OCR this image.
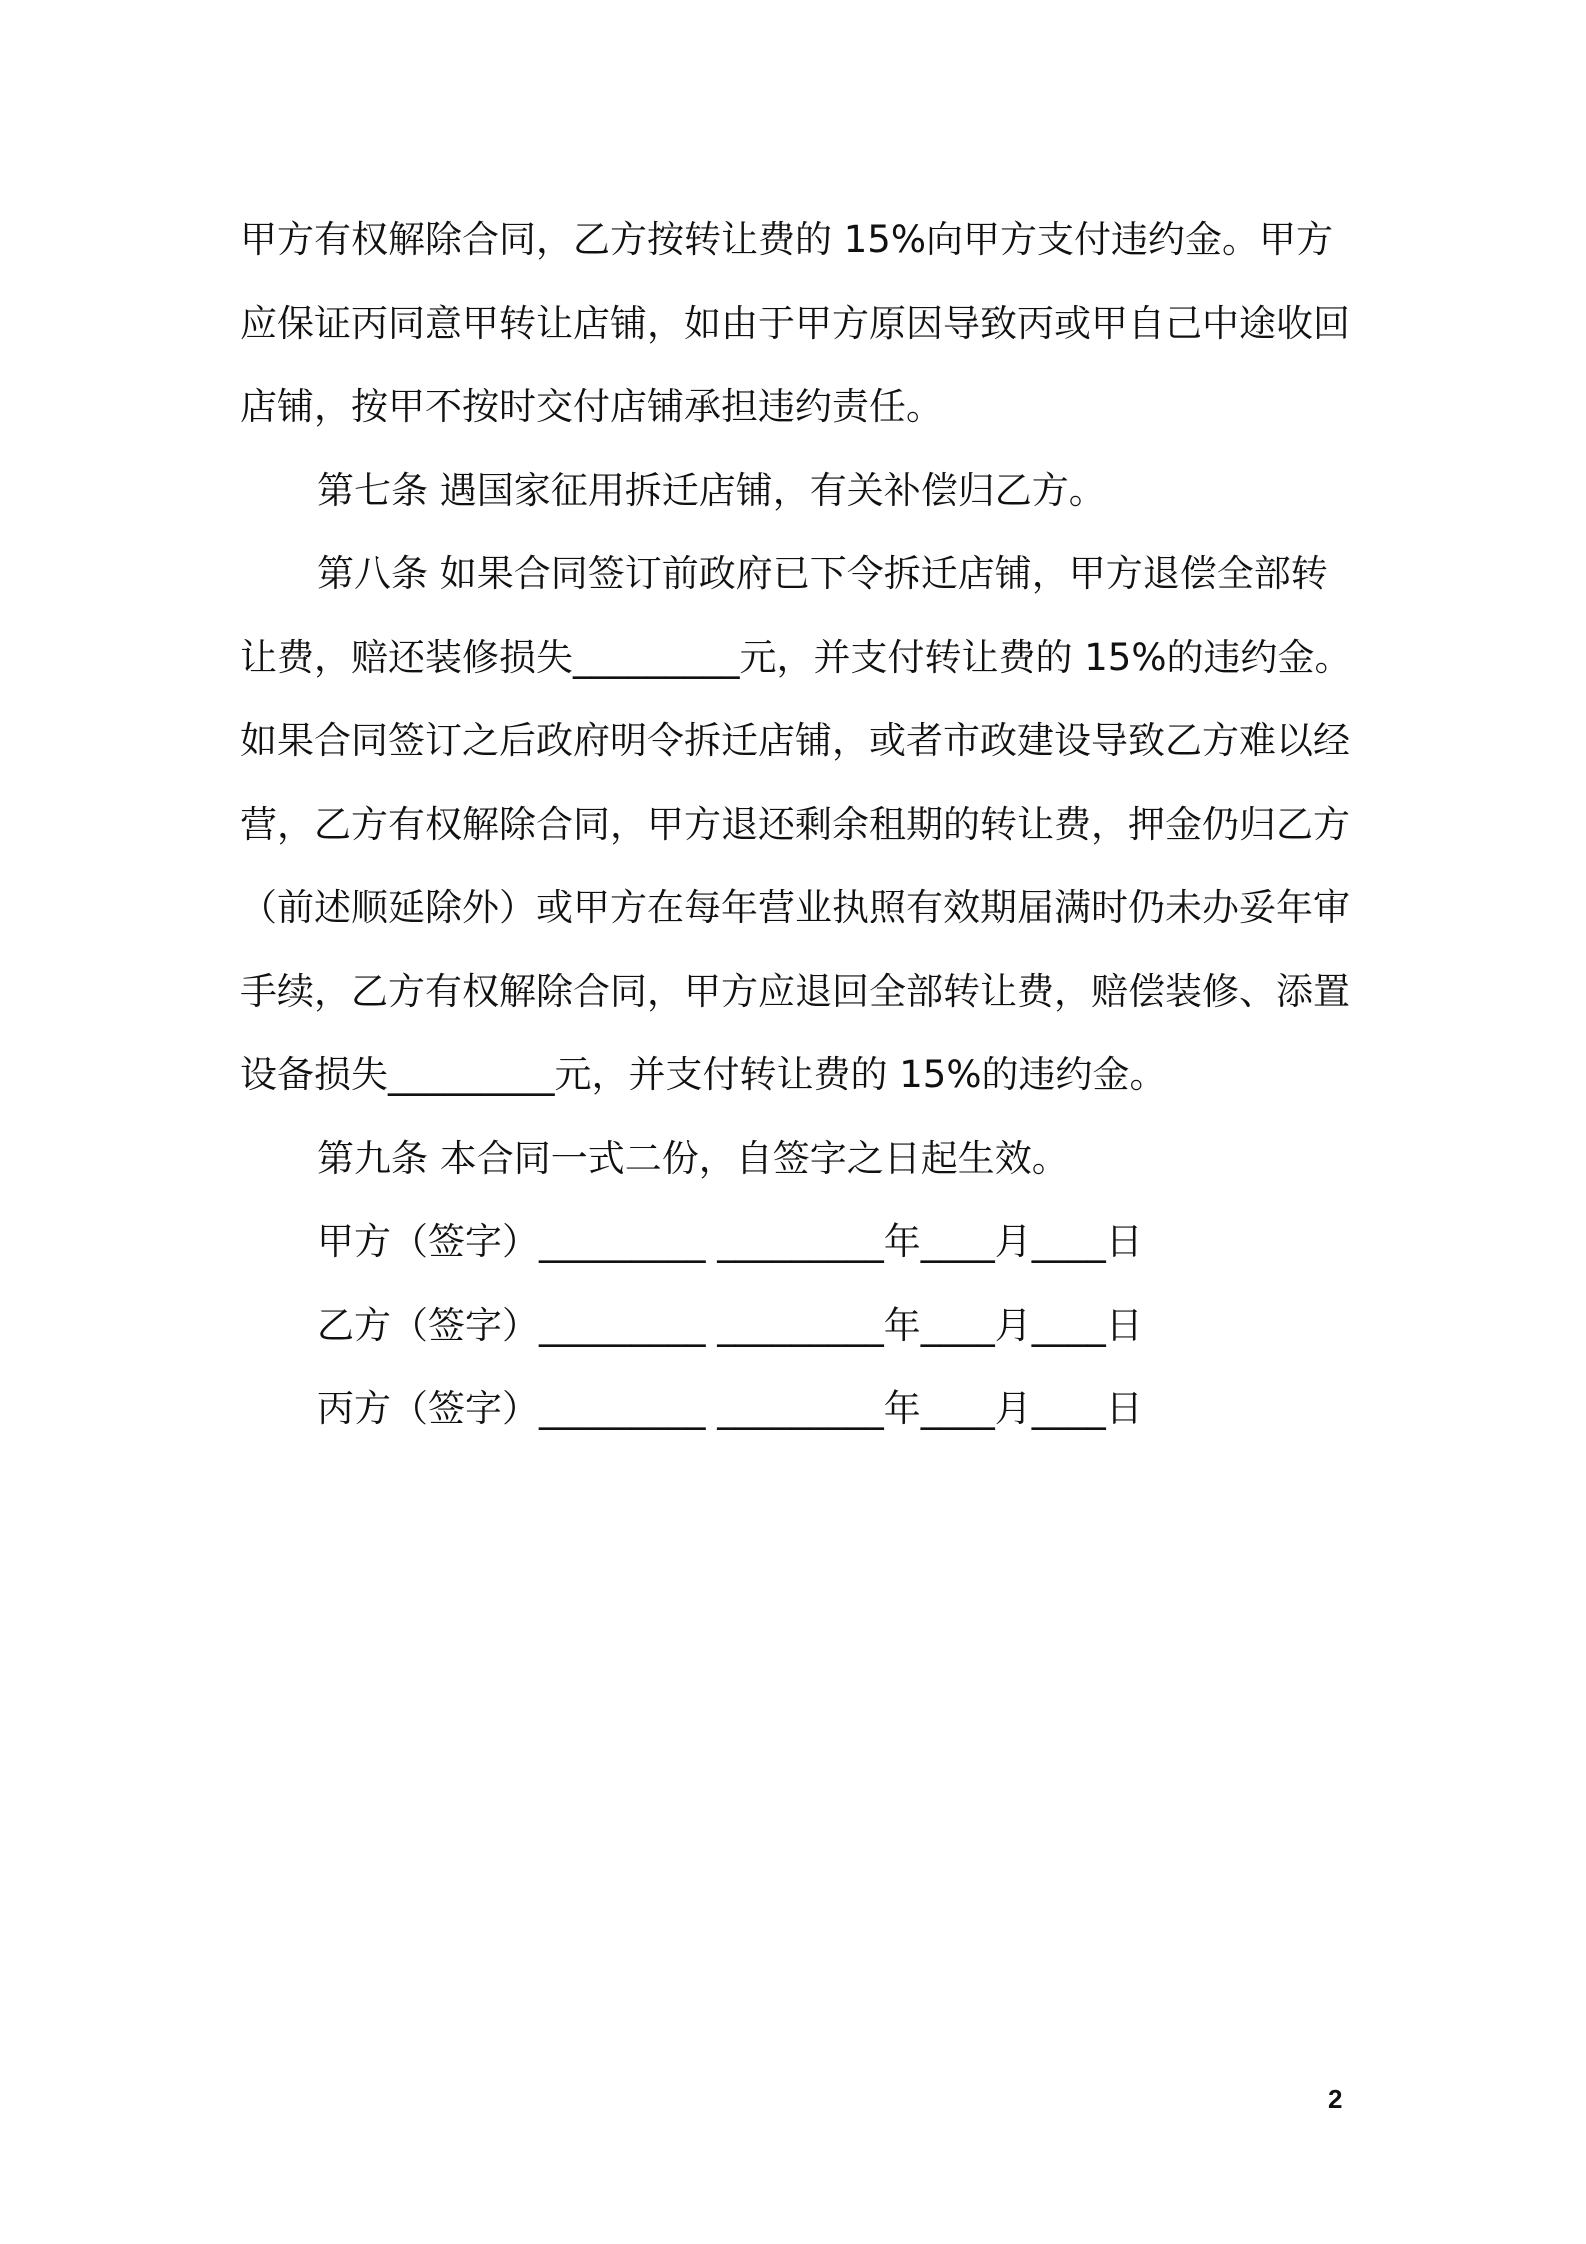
甲方有权解除合同，乙方按转让费的 15%向甲方支付违约金。甲方
应保证丙同意甲转让店铺，如由于甲方原因导致丙或甲自己中途收回
店铺，按甲不按时交付店铺承担违约责任。
第七条 遇国家征用拆迁店铺，有关补偿归乙方。
第八条 如果合同签订前政府已下令拆迁店铺，甲方退偿全部转
让费，赔还装修损失_________元，并支付转让费的 15%的违约金。
如果合同签订之后政府明令拆迁店铺，或者市政建设导致乙方难以经
营，乙方有权解除合同，甲方退还剩余租期的转让费，押金仍归乙方
（前述顺延除外）或甲方在每年营业执照有效期届满时仍未办妥年审
手续，乙方有权解除合同，甲方应退回全部转让费，赔偿装修、添置
设备损失_________元，并支付转让费的 15%的违约金。
第九条 本合同一式二份，自签字之日起生效。
甲方（签字）_________ _________年____月____日
乙方（签字）_________ _________年____月____日
丙方（签字）_________ _________年____月____日
2
